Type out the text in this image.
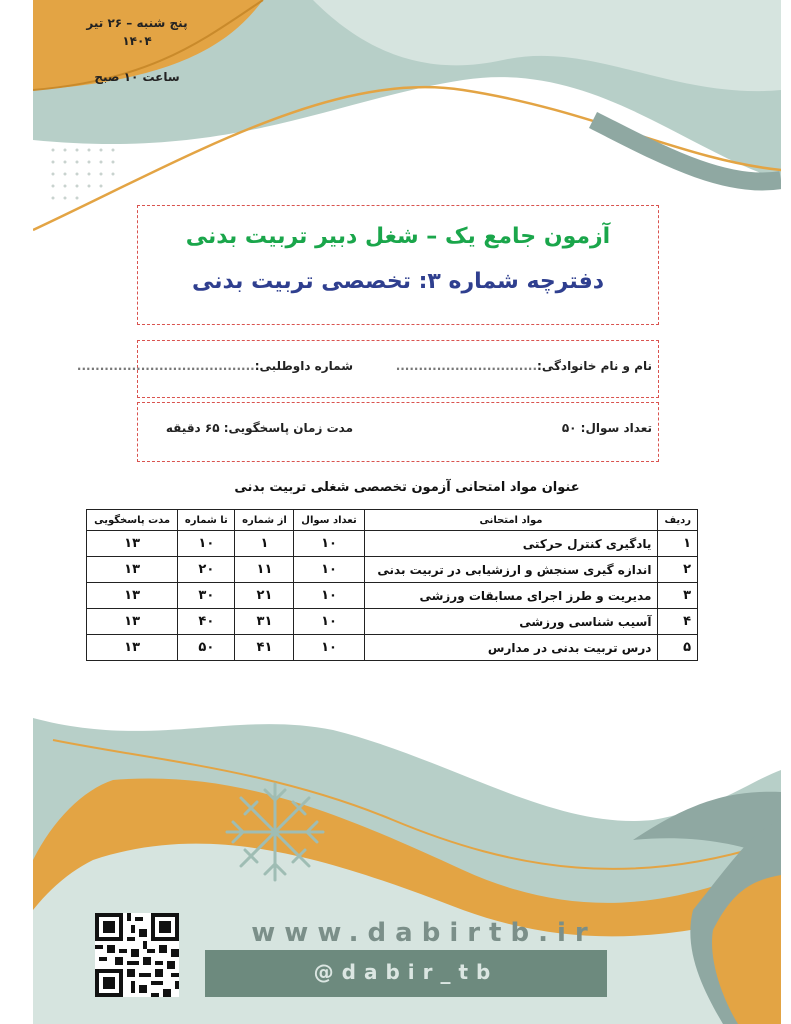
پنج شنبه – ۲۶ تیر ۱۴۰۴
ساعت ۱۰ صبح
آزمون جامع یک – شغل دبیر تربیت بدنی
دفترچه شماره ۳: تخصصی تربیت بدنی
نام و نام خانوادگی:...............................
شماره داوطلبی:.......................................
تعداد سوال: ۵۰
مدت زمان پاسخگویی: ۶۵ دقیقه
عنوان مواد امتحانی آزمون تخصصی شغلی تربیت بدنی
ردیف	مواد امتحانی	تعداد سوال	از شماره	تا شماره	مدت پاسخگویی
۱	یادگیری کنترل حرکتی	۱۰	۱	۱۰	۱۳
۲	اندازه گیری سنجش و ارزشیابی در تربیت بدنی	۱۰	۱۱	۲۰	۱۳
۳	مدیریت و طرز اجرای مسابقات ورزشی	۱۰	۲۱	۳۰	۱۳
۴	آسیب شناسی ورزشی	۱۰	۳۱	۴۰	۱۳
۵	درس تربیت بدنی در مدارس	۱۰	۴۱	۵۰	۱۳
www.dabirtb.ir
@dabir_tb
